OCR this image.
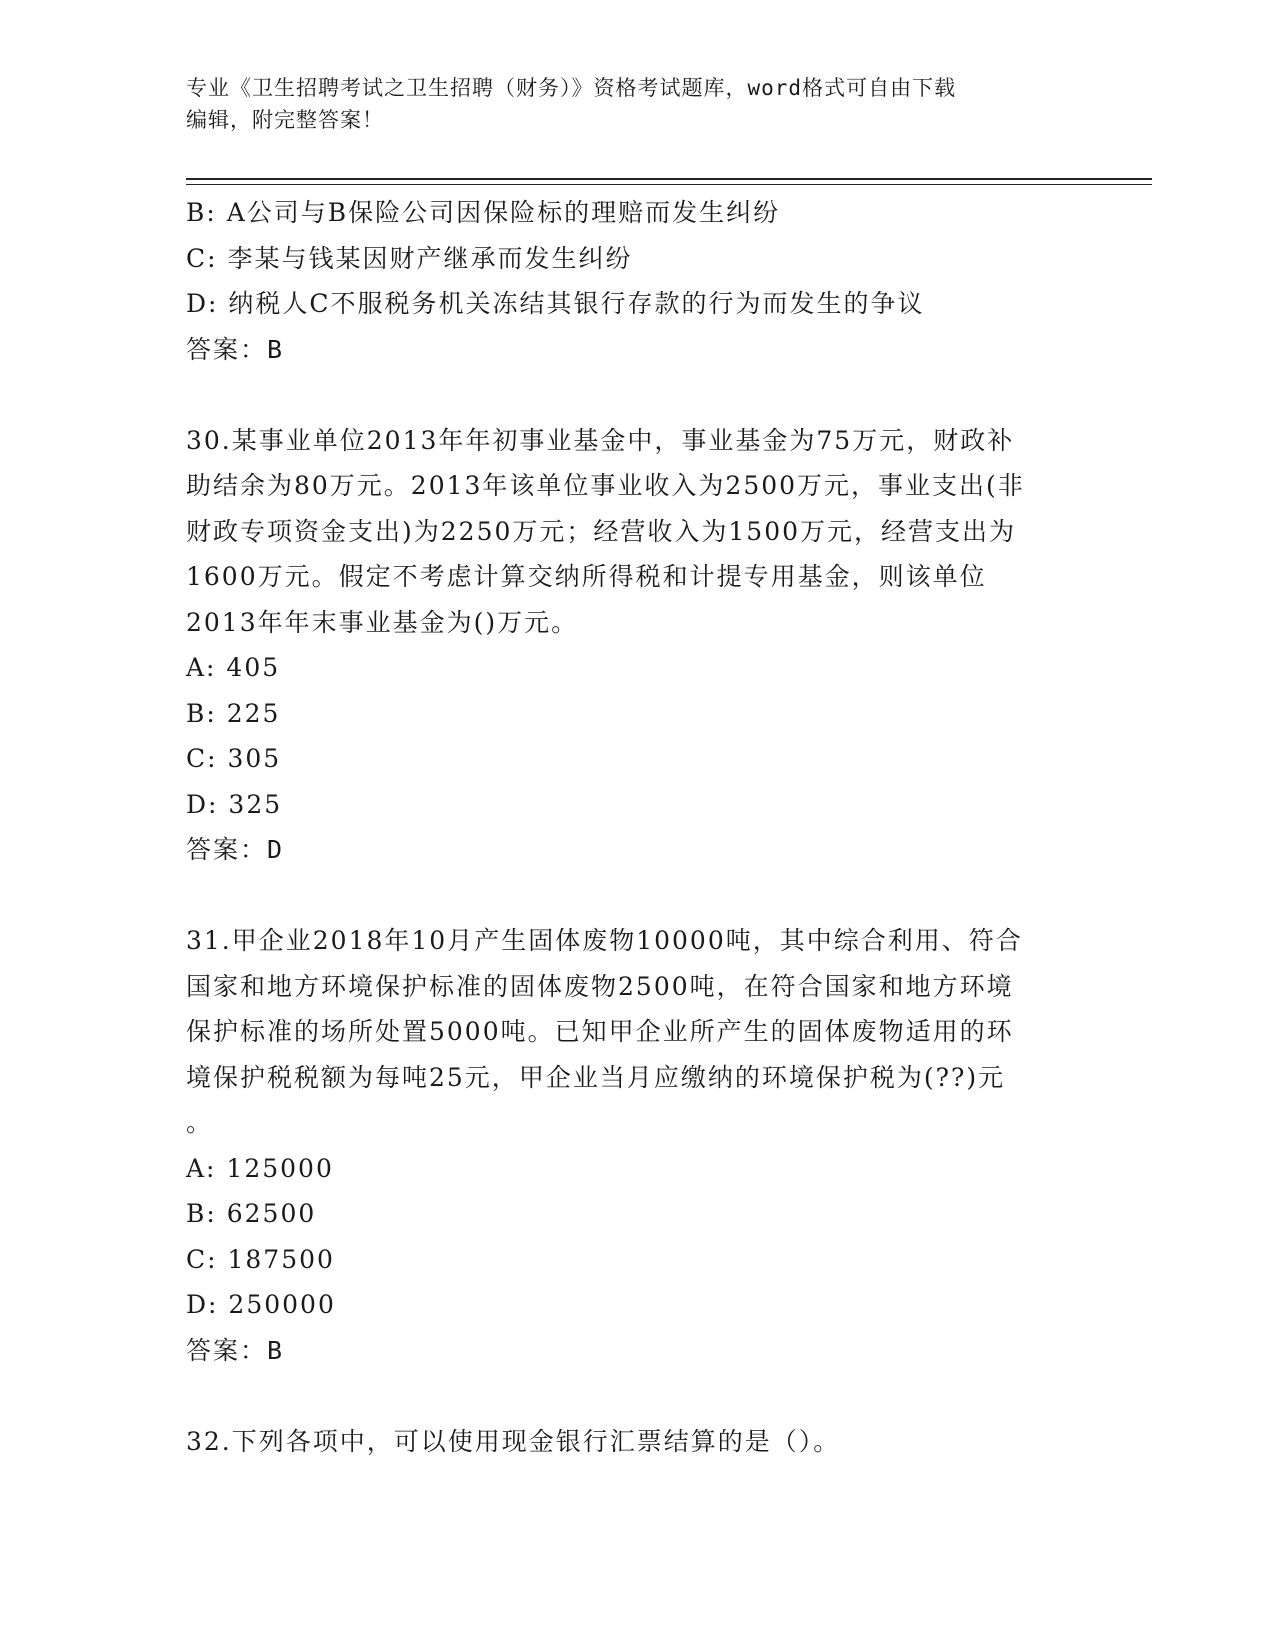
专业《卫生招聘考试之卫生招聘（财务）》资格考试题库，word格式可自由下载
编辑，附完整答案！
B: A公司与B保险公司因保险标的理赔而发生纠纷
C: 李某与钱某因财产继承而发生纠纷
D: 纳税人C不服税务机关冻结其银行存款的行为而发生的争议
答案：B
30.某事业单位2013年年初事业基金中，事业基金为75万元，财政补
助结余为80万元。2013年该单位事业收入为2500万元，事业支出(非
财政专项资金支出)为2250万元；经营收入为1500万元，经营支出为
1600万元。假定不考虑计算交纳所得税和计提专用基金，则该单位
2013年年末事业基金为()万元。
A: 405
B: 225
C: 305
D: 325
答案：D
31.甲企业2018年10月产生固体废物10000吨，其中综合利用、符合
国家和地方环境保护标准的固体废物2500吨，在符合国家和地方环境
保护标准的场所处置5000吨。已知甲企业所产生的固体废物适用的环
境保护税税额为每吨25元，甲企业当月应缴纳的环境保护税为(??)元
。
A: 125000
B: 62500
C: 187500
D: 250000
答案：B
32.下列各项中，可以使用现金银行汇票结算的是（）。
